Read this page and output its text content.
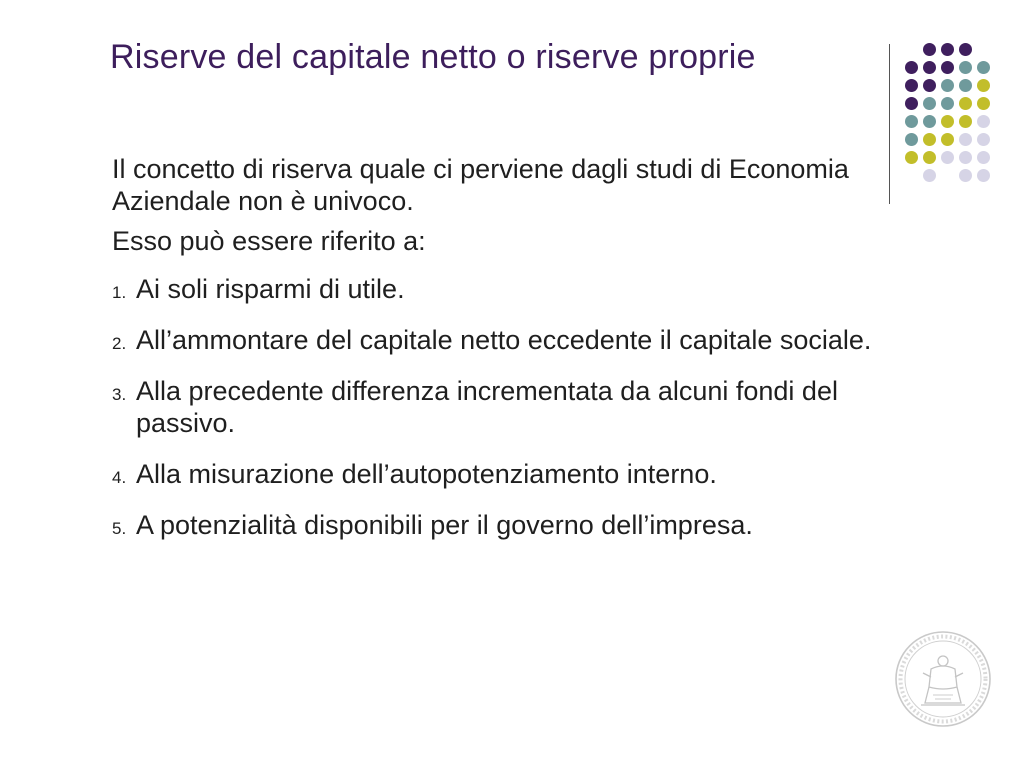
Riserve del capitale netto o riserve proprie

Il concetto di riserva quale ci perviene dagli studi di Economia Aziendale non è univoco.

Esso può essere riferito a:

1. Ai soli risparmi di utile.
2. All’ammontare del capitale netto eccedente il capitale sociale.
3. Alla precedente differenza incrementata da alcuni fondi del passivo.
4. Alla misurazione dell’autopotenziamento interno.
5. A potenzialità disponibili per il governo dell’impresa.
